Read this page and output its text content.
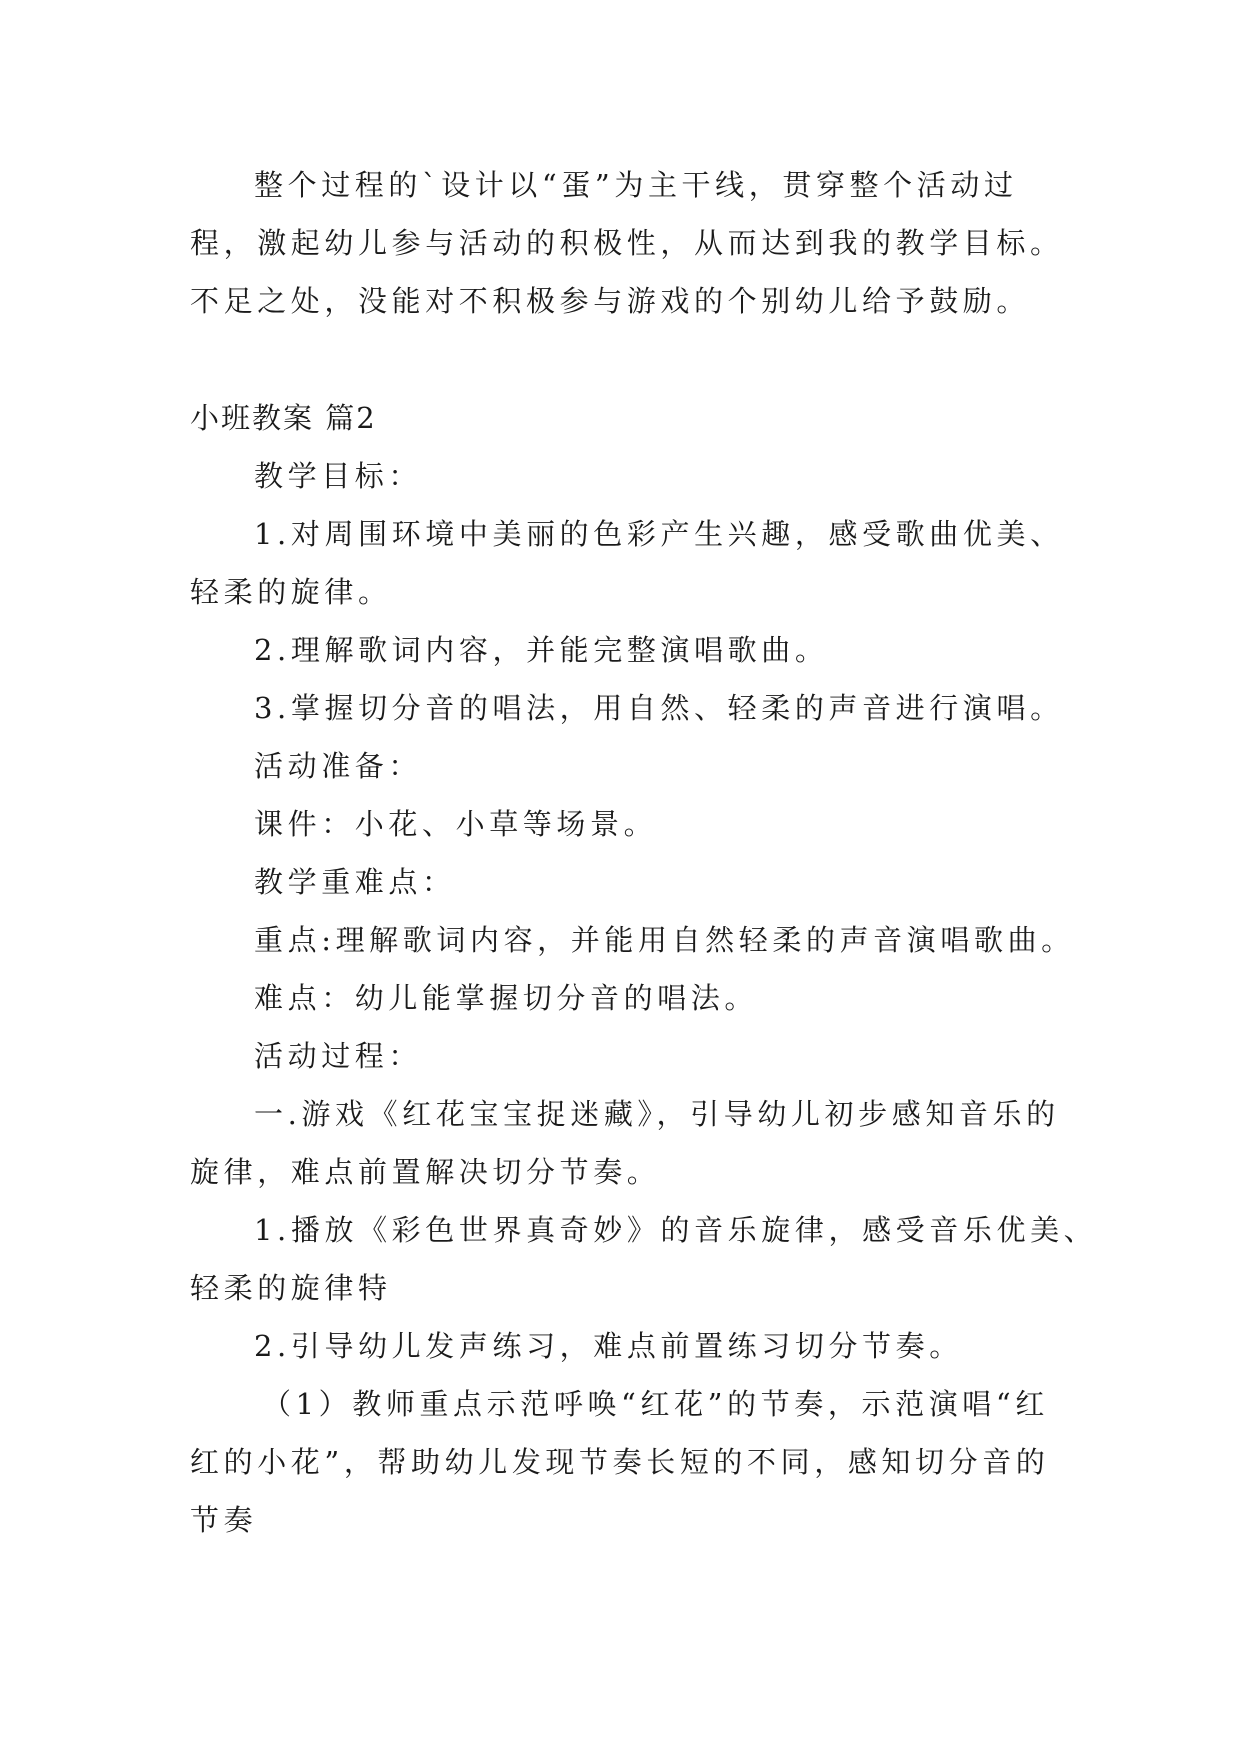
整个过程的`设计以“蛋”为主干线，贯穿整个活动过

程，激起幼儿参与活动的积极性，从而达到我的教学目标。

不足之处，没能对不积极参与游戏的个别幼儿给予鼓励。

小班教案 篇2

教学目标：

1.对周围环境中美丽的色彩产生兴趣，感受歌曲优美、

轻柔的旋律。

2.理解歌词内容，并能完整演唱歌曲。

3.掌握切分音的唱法，用自然、轻柔的声音进行演唱。

活动准备：

课件：小花、小草等场景。

教学重难点：

重点:理解歌词内容，并能用自然轻柔的声音演唱歌曲。

难点：幼儿能掌握切分音的唱法。

活动过程：

一.游戏《红花宝宝捉迷藏》，引导幼儿初步感知音乐的

旋律，难点前置解决切分节奏。

1.播放《彩色世界真奇妙》的音乐旋律，感受音乐优美、

轻柔的旋律特

2.引导幼儿发声练习，难点前置练习切分节奏。

（1）教师重点示范呼唤“红花”的节奏，示范演唱“红

红的小花”，帮助幼儿发现节奏长短的不同，感知切分音的

节奏
